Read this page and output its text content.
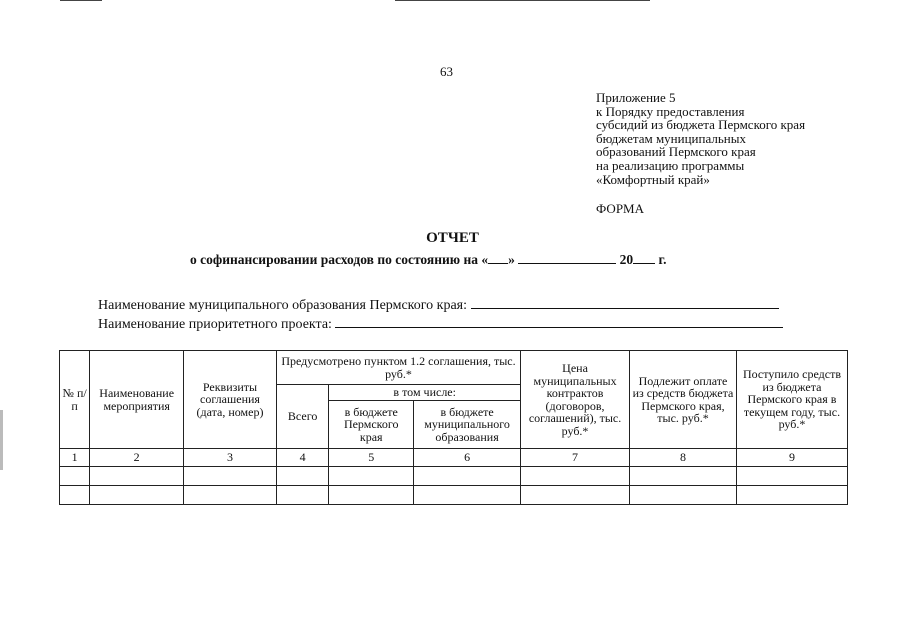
63
Приложение 5
к Порядку предоставления
субсидий из бюджета Пермского края
бюджетам муниципальных
образований Пермского края
на реализацию программы
«Комфортный край»
ФОРМА
ОТЧЕТ
о софинансировании расходов по состоянию на « »	20 г.
Наименование муниципального образования Пермского края:
Наименование приоритетного проекта:
№ п/п	Наименование мероприятия	Реквизиты соглашения (дата, номер)	Предусмотрено пунктом 1.2 соглашения, тыс. руб.*			Цена муниципальных контрактов (договоров, соглашений), тыс. руб.*	Подлежит оплате из средств бюджета Пермского края, тыс. руб.*	Поступило средств из бюджета Пермского края в текущем году, тыс. руб.*
			Всего	в том числе:				
				в бюджете Пермского края	в бюджете муниципального образования			
1	2	3	4	5	6	7	8	9
